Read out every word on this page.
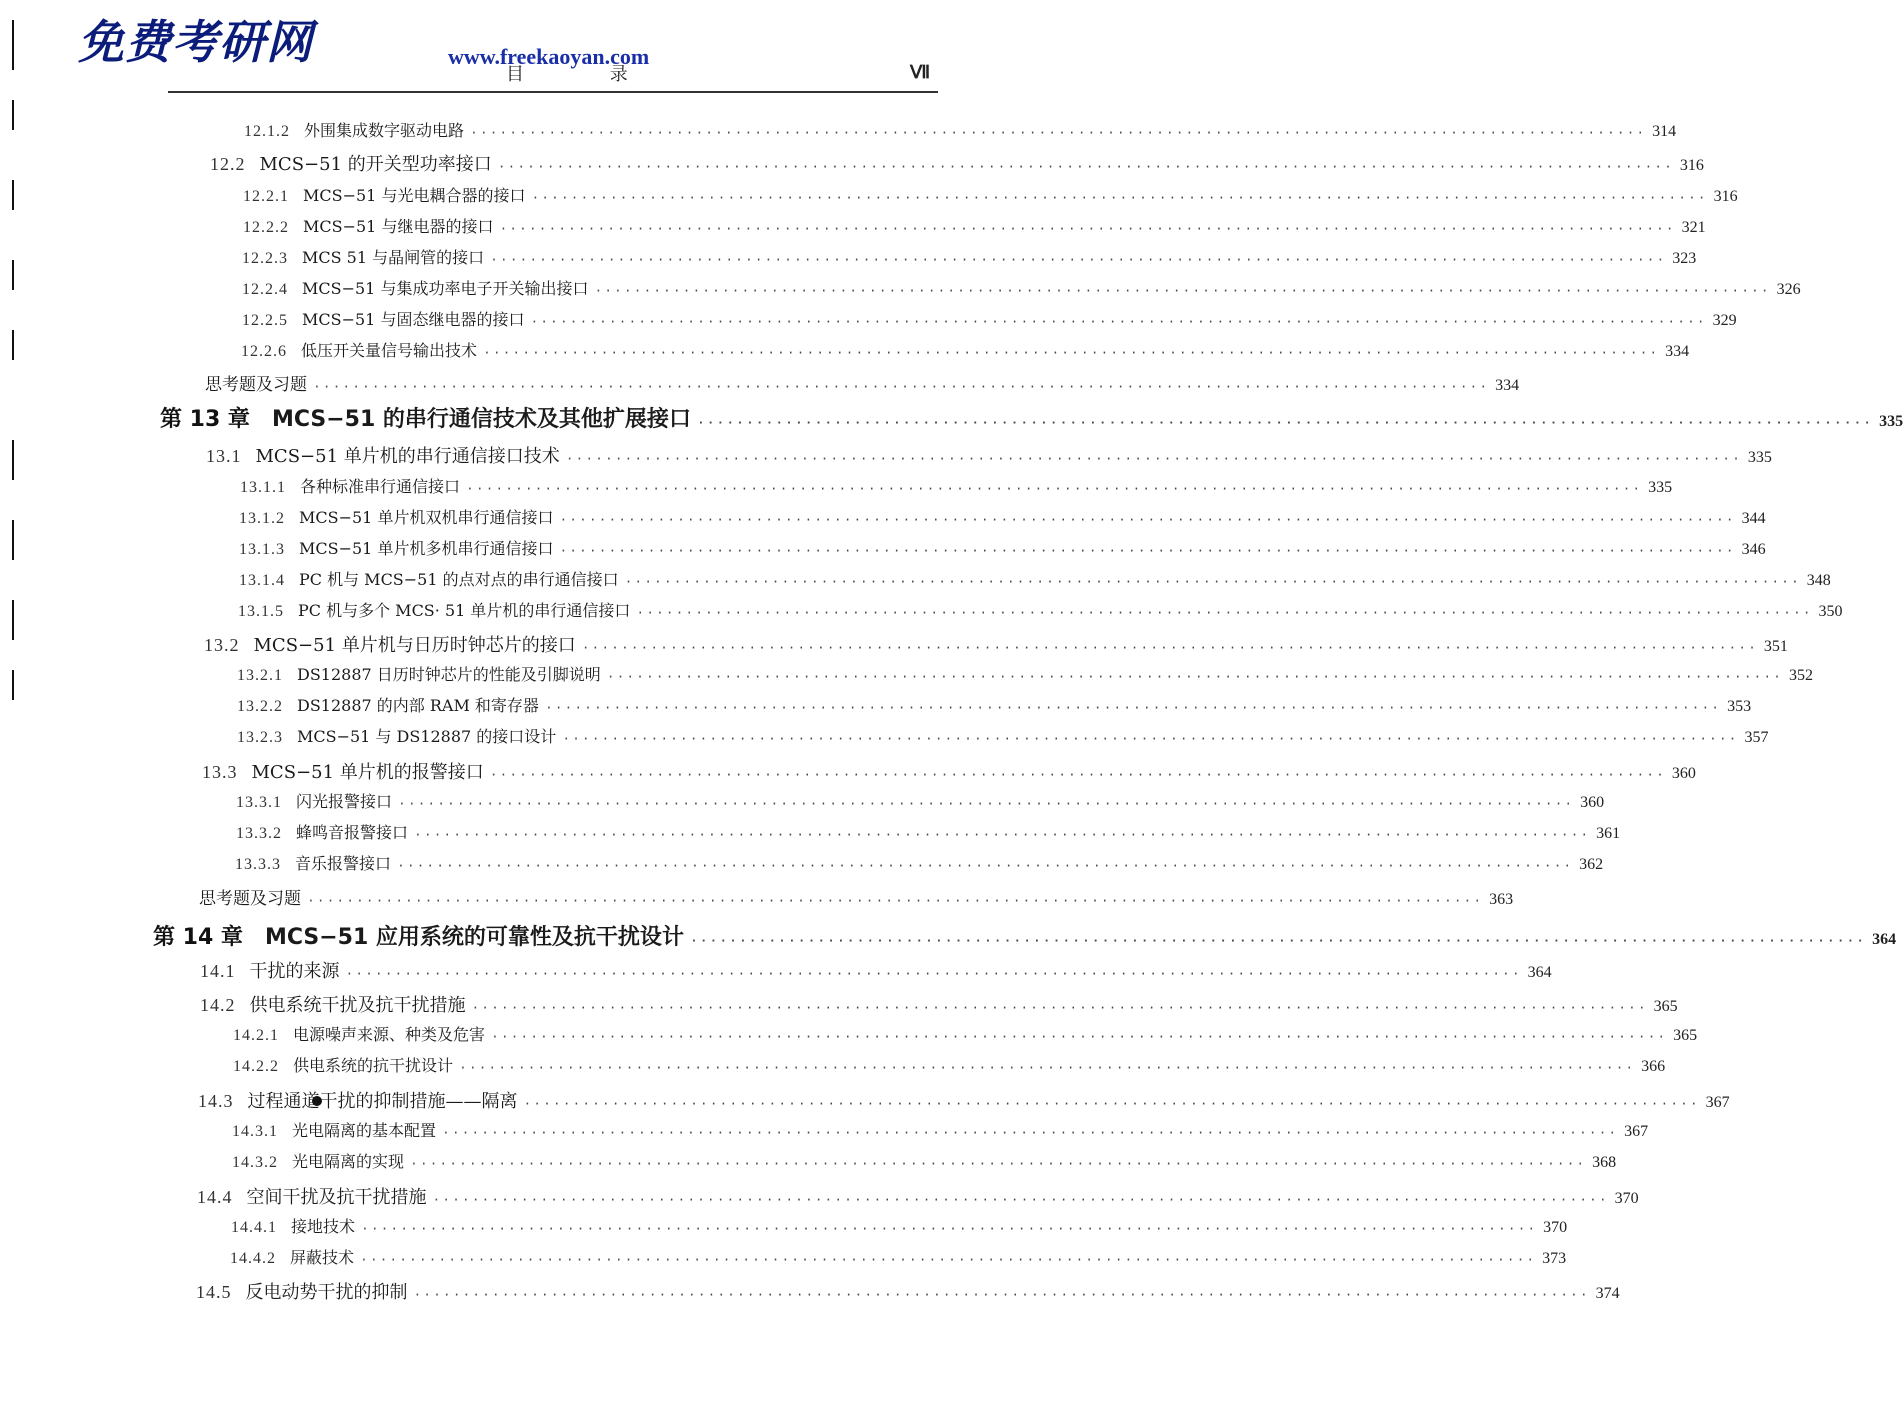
免费考研网	www.freekaoyan.com
目 录	Ⅶ
12.1.2 外围集成数字驱动电路 ························································································································ 314
12.2 MCS−51 的开关型功率接口 ························································································································ 316
12.2.1 MCS−51 与光电耦合器的接口 ························································································································ 316
12.2.2 MCS−51 与继电器的接口 ························································································································ 321
12.2.3 MCS 51 与晶闸管的接口 ························································································································ 323
12.2.4 MCS−51 与集成功率电子开关输出接口 ························································································································ 326
12.2.5 MCS−51 与固态继电器的接口 ························································································································ 329
12.2.6 低压开关量信号输出技术 ························································································································ 334
思考题及习题 ························································································································ 334
第 13 章	MCS−51 的串行通信技术及其他扩展接口 ························································································································ 335
13.1 MCS−51 单片机的串行通信接口技术 ························································································································ 335
13.1.1 各种标准串行通信接口 ························································································································ 335
13.1.2 MCS−51 单片机双机串行通信接口 ························································································································ 344
13.1.3 MCS−51 单片机多机串行通信接口 ························································································································ 346
13.1.4 PC 机与 MCS−51 的点对点的串行通信接口 ························································································································ 348
13.1.5 PC 机与多个 MCS· 51 单片机的串行通信接口 ························································································································ 350
13.2 MCS−51 单片机与日历时钟芯片的接口 ························································································································ 351
13.2.1 DS12887 日历时钟芯片的性能及引脚说明 ························································································································ 352
13.2.2 DS12887 的内部 RAM 和寄存器 ························································································································ 353
13.2.3 MCS−51 与 DS12887 的接口设计 ························································································································ 357
13.3 MCS−51 单片机的报警接口 ························································································································ 360
13.3.1 闪光报警接口 ························································································································ 360
13.3.2 蜂鸣音报警接口 ························································································································ 361
13.3.3 音乐报警接口 ························································································································ 362
思考题及习题 ························································································································ 363
第 14 章	MCS−51 应用系统的可靠性及抗干扰设计 ························································································································ 364
14.1 干扰的来源 ························································································································ 364
14.2 供电系统干扰及抗干扰措施 ························································································································ 365
14.2.1 电源噪声来源、种类及危害 ························································································································ 365
14.2.2 供电系统的抗干扰设计 ························································································································ 366
14.3 过程通道干扰的抑制措施——隔离 ························································································································ 367
14.3.1 光电隔离的基本配置 ························································································································ 367
14.3.2 光电隔离的实现 ························································································································ 368
14.4 空间干扰及抗干扰措施 ························································································································ 370
14.4.1 接地技术 ························································································································ 370
14.4.2 屏蔽技术 ························································································································ 373
14.5 反电动势干扰的抑制 ························································································································ 374
